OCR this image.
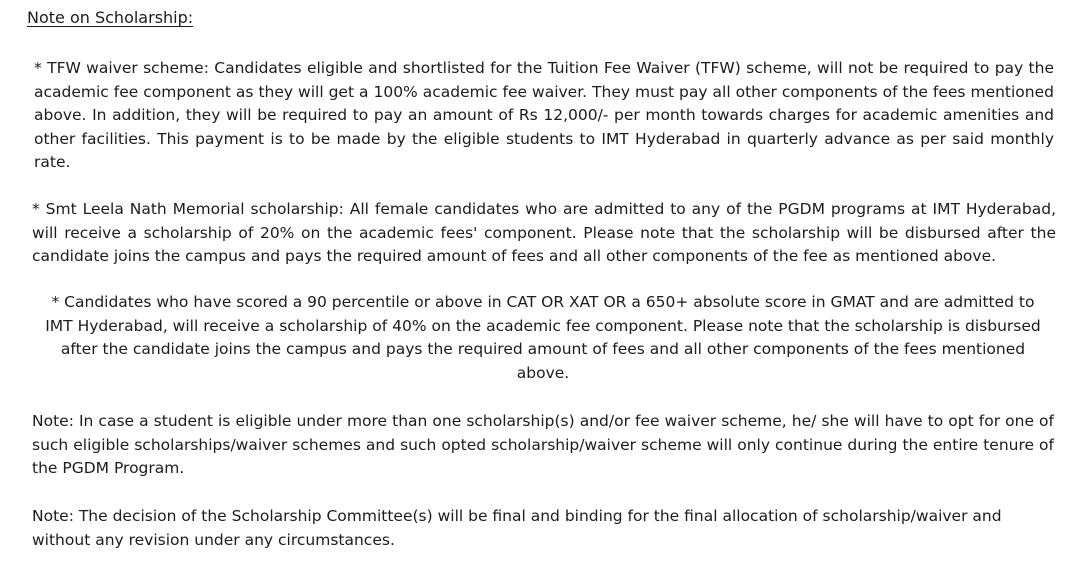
Note on Scholarship:

* TFW waiver scheme: Candidates eligible and shortlisted for the Tuition Fee Waiver (TFW) scheme, will not be required to pay the academic fee component as they will get a 100% academic fee waiver. They must pay all other components of the fees mentioned above. In addition, they will be required to pay an amount of Rs 12,000/- per month towards charges for academic amenities and other facilities. This payment is to be made by the eligible students to IMT Hyderabad in quarterly advance as per said monthly rate.

* Smt Leela Nath Memorial scholarship: All female candidates who are admitted to any of the PGDM programs at IMT Hyderabad, will receive a scholarship of 20% on the academic fees' component. Please note that the scholarship will be disbursed after the candidate joins the campus and pays the required amount of fees and all other components of the fee as mentioned above.

* Candidates who have scored a 90 percentile or above in CAT OR XAT OR a 650+ absolute score in GMAT and are admitted to IMT Hyderabad, will receive a scholarship of 40% on the academic fee component. Please note that the scholarship is disbursed after the candidate joins the campus and pays the required amount of fees and all other components of the fees mentioned above.

Note: In case a student is eligible under more than one scholarship(s) and/or fee waiver scheme, he/ she will have to opt for one of such eligible scholarships/waiver schemes and such opted scholarship/waiver scheme will only continue during the entire tenure of the PGDM Program.

Note: The decision of the Scholarship Committee(s) will be final and binding for the final allocation of scholarship/waiver and without any revision under any circumstances.
